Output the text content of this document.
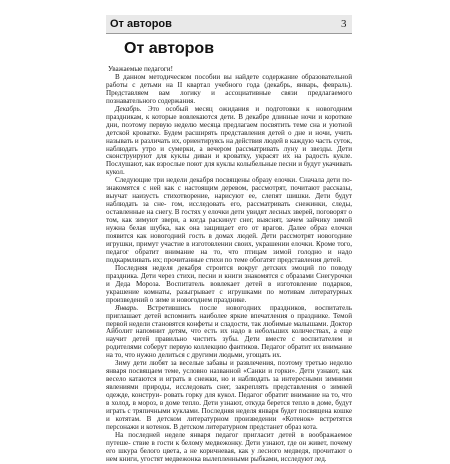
От авторов	3
От авторов

Уважаемые педагоги!

В данном методическом пособии вы найдете содержание образовательной работы с детьми на II квартал учебного года (декабрь, январь, февраль). Представляем вам логику и ассоциативные связи предлагаемого познавательного содержания.

Декабрь. Это особый месяц ожидания и подготовки к новогодним праздникам, к которые вовлекаются дети. В декабре длинные ночи и короткие дни, поэтому первую неделю месяца предлагаем посвятить теме сна и уютной детской кроватке. Будем расширять представления детей о дне и ночи, учить называть и различать их, ориентируясь на действия людей в каждую часть суток, наблюдать утро и сумерки, а вечером рассматривать луну и звезды. Дети сконструируют для куклы диван и кроватку, украсят их на радость кукле. Послушают, как взрослые поют для куклы колыбельные песни и будут укачивать кукол.

Следующие три недели декабря посвящены образу елочки. Сначала дети по- знакомятся с ней как с настоящим деревом, рассмотрят, почитают рассказы, выучат наизусть стихотворение, нарисуют ее, слепят шишки. Дети будут наблюдать за сне- гом, исследовать его, рассматривать снежинки, следы, оставленные на снегу. В гостях у елочки дети увидят лесных зверей, поговорят о том, как зимуют звери, а когда раскинут снег, выяснят, зачем зайчику зимой нужна белая шубка, как она защищает его от врагов. Далее образ елочки появится как новогодний гость в домах людей. Дети рассмотрят новогодние игрушки, примут участие в изготовлении своих, украшении елочки. Кроме того, педагог обратит внимание на то, что птицам зимой голодно и надо подкармливать их; прочитанные стихи по теме обогатят представления детей.

Последняя неделя декабря строится вокруг детских эмоций по поводу праздника. Дети через стихи, песни и книги знакомятся с образами Снегурочки и Деда Мороза. Воспитатель вовлекает детей в изготовление подарков, украшение комнаты, разыгрывает с игрушками по мотивам литературных произведений о зиме и новогоднем празднике.

Январь. Встретившись после новогодних праздников, воспитатель приглашает детей вспомнить наиболее яркие впечатления о празднике. Темой первой недели становятся конфеты и сладости, так любимые малышами. Доктор Айболит напомнит детям, что есть их надо в небольших количествах, а еще научит детей правильно чистить зубы. Дети вместе с воспитателем и родителями соберут первую коллекцию фантиков. Педагог обратит их внимание на то, что нужно делиться с другими людьми, угощать их.

Зиму дети любят за веселые забавы и развлечения, поэтому третью неделю января посвящаем теме, условно названной «Санки и горки». Дети узнают, как весело катаются и играть в снежки, но и наблюдать за интересными зимними явлениями природы, исследовать снег, закреплять представления о зимней одежде, конструи- ровать горку для кукол. Педагог обратит внимание на то, что в холод, в мороз, в доме тепло. Дети узнают, откуда берется тепло в доме, будут играть с тряпичными куклами. Последняя неделя января будет посвящена кошке и котятам. В детском литературном произведении «Котенок» встретятся персонажи и котенок. В детском литературном предстанет образ кота.

На последней неделе января педагог пригласит детей в воображаемое путеше- ствие в гости к белому медвежонку. Дети узнают, где он живет, почему его шкура белого цвета, а не коричневая, как у лесного медведя, прочитают о нем книги, угостят медвежонка вылепленными рыбками, исследуют лед.
